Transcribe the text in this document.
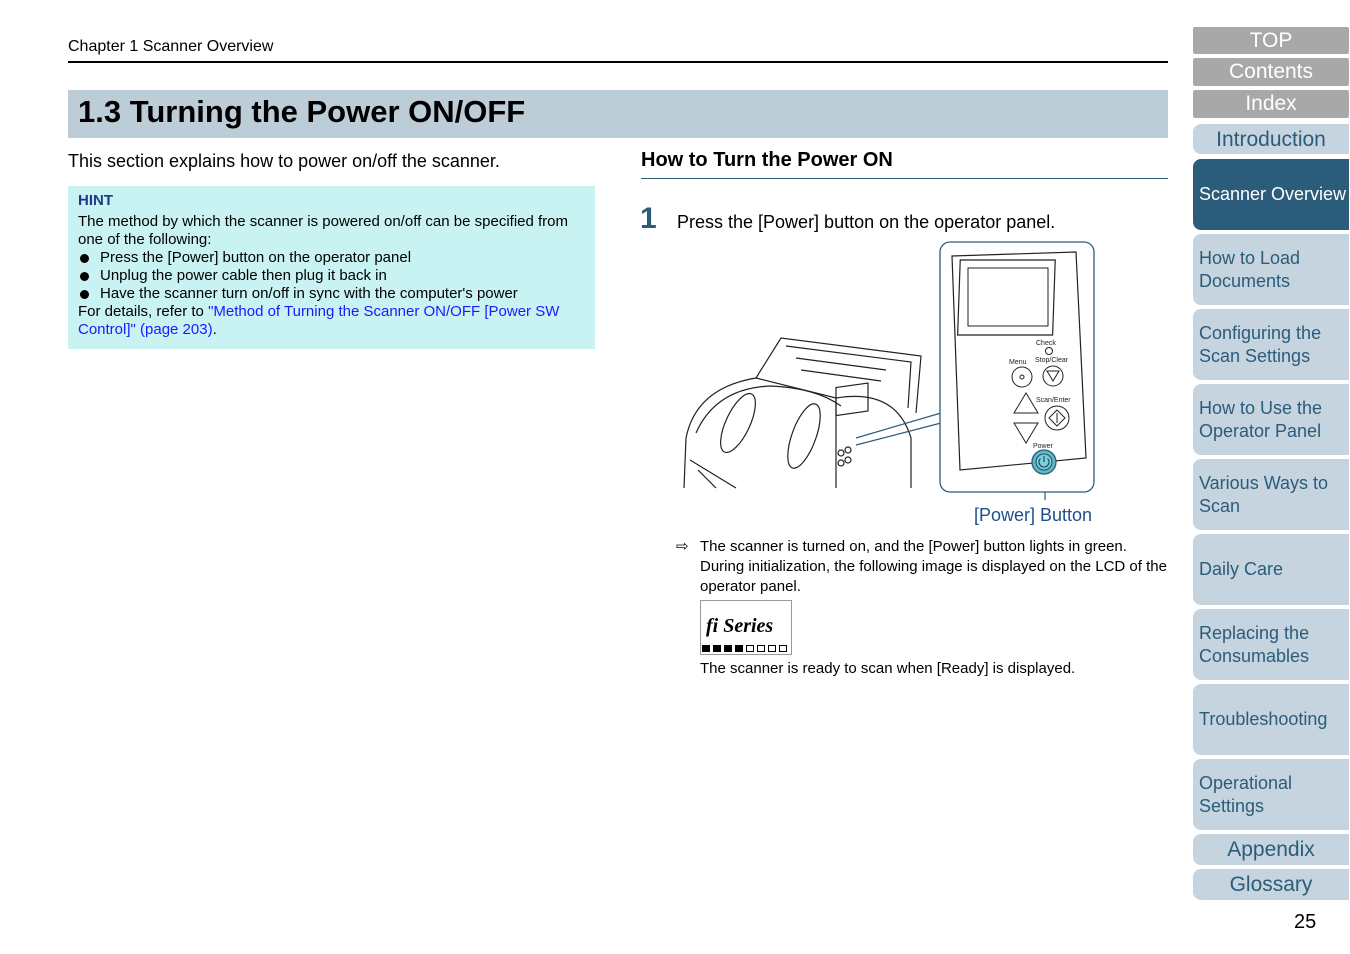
Chapter 1 Scanner Overview
1.3 Turning the Power ON/OFF
This section explains how to power on/off the scanner.
HINT
The method by which the scanner is powered on/off can be specified from one of the following:
Press the [Power] button on the operator panel
Unplug the power cable then plug it back in
Have the scanner turn on/off in sync with the computer's power
For details, refer to "Method of Turning the Scanner ON/OFF [Power SW Control]" (page 203).
How to Turn the Power ON
1 Press the [Power] button on the operator panel.
Check
Menu Stop/Clear
Scan/Enter
Power
[Power] Button
⇨ The scanner is turned on, and the [Power] button lights in green. During initialization, the following image is displayed on the LCD of the operator panel.
fi Series
The scanner is ready to scan when [Ready] is displayed.
TOP
Contents
Index
Introduction
Scanner Overview
How to Load Documents
Configuring the Scan Settings
How to Use the Operator Panel
Various Ways to Scan
Daily Care
Replacing the Consumables
Troubleshooting
Operational Settings
Appendix
Glossary
25
